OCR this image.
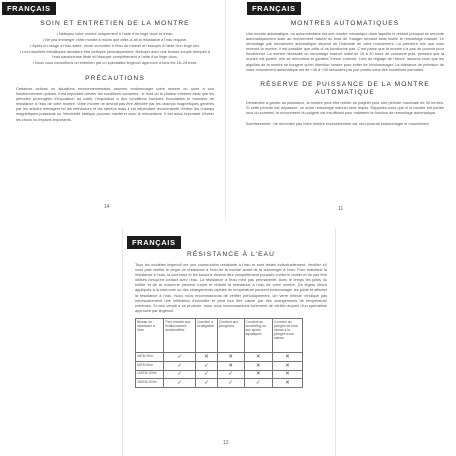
FRANÇAIS
SOIN ET ENTRETIEN DE LA MONTRE
• Nettoyez votre montre uniquement à l'aide d'un linge doux et d'eau.
• Ne pas immerger votre montre à moins que celle-ci ait la résistance à l'eau requise.
• Après un usage à l'eau salée, rincer la montre à l'eau du robinet et l'essuyer à l'aide d'un linge sec.
• Les bracelets métalliques devraient être nettoyés périodiquement. Nettoyer avec une brosse souple trempée à l'eau savonneuse tiède et l'essuyer complètement à l'aide d'un linge doux.
• Nous vous conseillons un entretien par un spécialiste lingenoll approuvé à tous les 18–24 mois.
PRÉCAUTIONS
Certaines actions ou situations environnementales peuvent endommager votre montre ou nuire à son fonctionnement optimal. Il est important d'éviter les conditions suivantes : le froid ou la chaleur extrême ainsi que les périodes prolongées d'exposition au soleil, l'exposition à des conditions humides invoulables le bannière de résistance à l'eau de votre montre. Votre montre ne devrait pas être affectée par les champs magnétiques générés par les articles ménagers tel les téléviseurs et les stéréos mais il est cependant recommandé d'éviter les champs magnétiques puissants ou l'électricité statique pouvant interférer avec le mécanisme. Il est aussi important d'éviter les chocs ou impacts importants.
14
FRANÇAIS
MONTRES AUTOMATIQUES
Une montre automatique, ou automoentarte est une montre mécanique dans laquelle le ressort principal se remonte automatiquement suite au mouvement naturel du bras de l'usager rendant ainsi inutile le remontage manuel. Le remontage par mécanisme automatique dépend de l'intensité de votre mouvement. La première fois que vous recevez la montre, il est possible que celle-ci ne fonctionne pas. C'est parce que la montre n'a pas de pouvoir pour fonctionner. La montre nécessite un remontage manuel initial de 15 à 20 tours de couronne puis, pendant que la montre est portée, elle se remontera et gardera l'heure correcte. Lors du réglage de l'heure, assurez-vous que les aiguilles de la montre se bougent qu'en direction horaire pour éviter de l'endommager. La tolérance de précision de votre mouvement automatique est de +40 à +40 secondes par jour portés sous des conditions normales.
RÉSERVE DE PUISSANCE DE LA MONTRE AUTOMATIQUE
Demandée à garder sa puissance, la montre peut être retirée du poignet pour une période maximale de 30 heures. Si cette période est dépassée, un autre remontage manuel sera requis. Rappelez-vous que si la montre est portée tous du sommeil, le mouvement du poignet est insuffisant pour maintenir le fonction de remontage automatique.
Avertissement : ne remontez pas votre montre excessivement car ceci pourrait endommager le mouvement.
11
FRANÇAIS
RÉSISTANCE À L'EAU
Tous les modèles lingenoll ont une construction résistante à l'eau et sont testés individuellement. Veuillez s'il vous plait vérifier le degré de résistance à l'eau de la montre avant de la submerger à l'eau. Pour maintenir la résistance à l'eau, la couronne et les boutons doivent être complètement poussés contre le boîtier et ne pas être utilisés lorsqu'en contact avec l'eau. La résistance à l'eau n'est pas permanente. Avec le temps les joints du boîtier et de la couronne peuvent s'user et réduire la résistance à l'eau de votre montre. De légers chocs appliqués à la couronne ou des changements rapides de température peuvent endommager les joints et affecter la résistance à l'eau. Nous vous recommandons de vérifier périodiquement. Un verre embué n'indique pas nécessairement une infiltration d'humidité et peut tout être causé par des changements de température extrêmes. Si ceci venait à se produire, nous vous recommandons fortement de vérifier auprès d'un spécialiste approuvé par lingenoll.
Niveau de résistance à l'eau	Peut résister aux éclaboussures accidentelles	Convient à la baignade	Convient aux plongeons	Convient au snorkelling ou aux sports aquatiques	Convient au plongée de haut niveau à la plongée sous-marine
3ATM 30m	✓	✕	✕	✕	✕
5ATM 50m	✓	✓	✕	✕	✕
10ATM 100m	✓	✓	✓	✕	✕
20ATM 200m	✓	✓	✓	✓	✕
13
